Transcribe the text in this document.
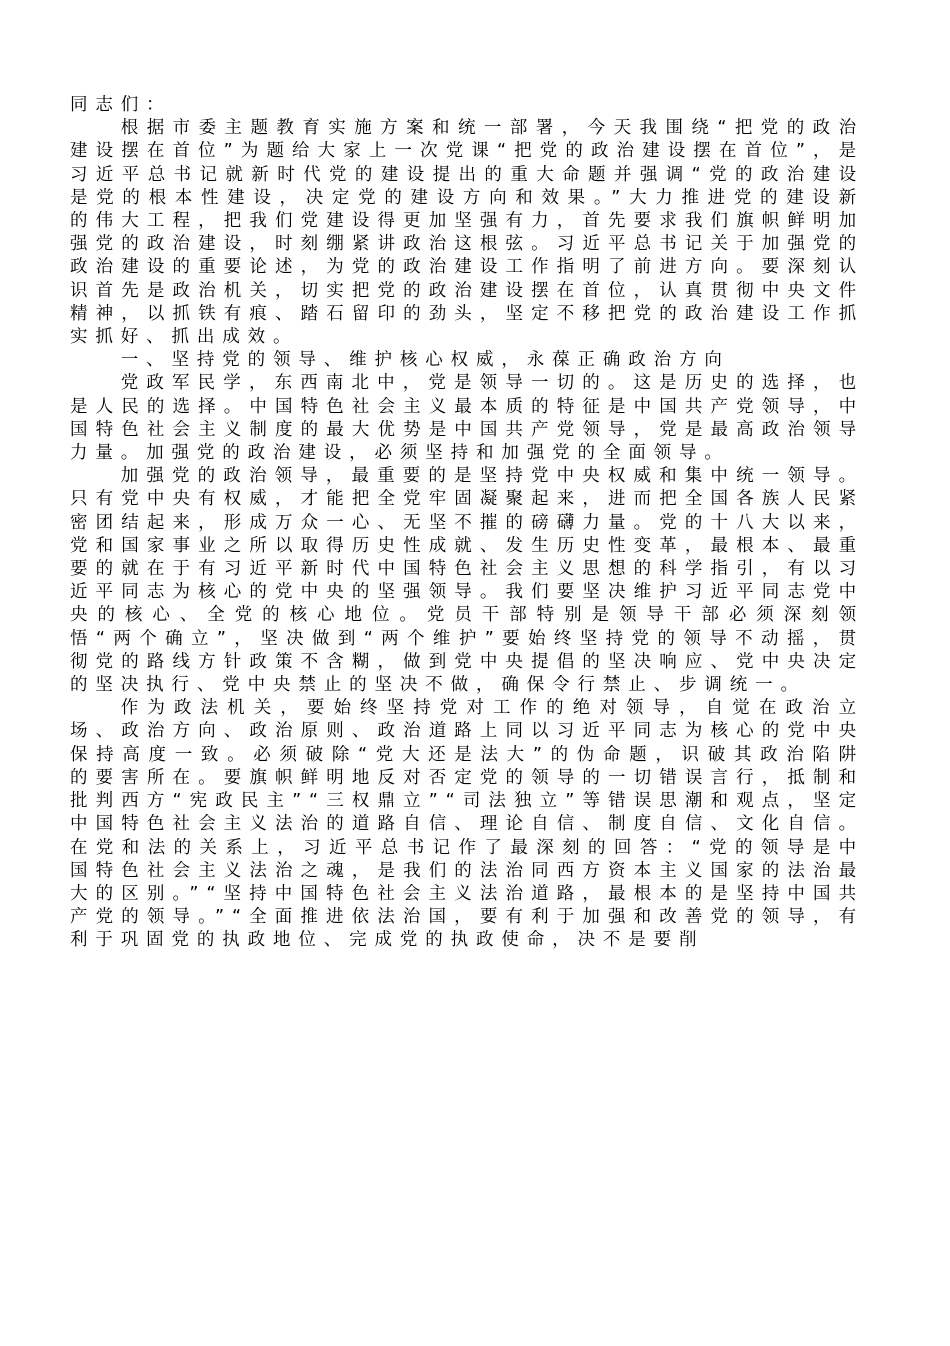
同志们：

根据市委主题教育实施方案和统一部署，今天我围绕“把党的政治建设摆在首位”为题给大家上一次党课“把党的政治建设摆在首位”，是习近平总书记就新时代党的建设提出的重大命题并强调“党的政治建设是党的根本性建设，决定党的建设方向和效果。”大力推进党的建设新的伟大工程，把我们党建设得更加坚强有力，首先要求我们旗帜鲜明加强党的政治建设，时刻绷紧讲政治这根弦。习近平总书记关于加强党的政治建设的重要论述，为党的政治建设工作指明了前进方向。要深刻认识首先是政治机关，切实把党的政治建设摆在首位，认真贯彻中央文件精神，以抓铁有痕、踏石留印的劲头，坚定不移把党的政治建设工作抓实抓好、抓出成效。

一、坚持党的领导、维护核心权威，永葆正确政治方向

党政军民学，东西南北中，党是领导一切的。这是历史的选择，也是人民的选择。中国特色社会主义最本质的特征是中国共产党领导，中国特色社会主义制度的最大优势是中国共产党领导，党是最高政治领导力量。加强党的政治建设，必须坚持和加强党的全面领导。

加强党的政治领导，最重要的是坚持党中央权威和集中统一领导。只有党中央有权威，才能把全党牢固凝聚起来，进而把全国各族人民紧密团结起来，形成万众一心、无坚不摧的磅礴力量。党的十八大以来，党和国家事业之所以取得历史性成就、发生历史性变革，最根本、最重要的就在于有习近平新时代中国特色社会主义思想的科学指引，有以习近平同志为核心的党中央的坚强领导。我们要坚决维护习近平同志党中央的核心、全党的核心地位。党员干部特别是领导干部必须深刻领悟“两个确立”，坚决做到“两个维护”要始终坚持党的领导不动摇，贯彻党的路线方针政策不含糊，做到党中央提倡的坚决响应、党中央决定的坚决执行、党中央禁止的坚决不做，确保令行禁止、步调统一。

作为政法机关，要始终坚持党对工作的绝对领导，自觉在政治立场、政治方向、政治原则、政治道路上同以习近平同志为核心的党中央保持高度一致。必须破除“党大还是法大”的伪命题，识破其政治陷阱的要害所在。要旗帜鲜明地反对否定党的领导的一切错误言行，抵制和批判西方“宪政民主”“三权鼎立”“司法独立”等错误思潮和观点，坚定中国特色社会主义法治的道路自信、理论自信、制度自信、文化自信。在党和法的关系上，习近平总书记作了最深刻的回答：“党的领导是中国特色社会主义法治之魂，是我们的法治同西方资本主义国家的法治最大的区别。”“坚持中国特色社会主义法治道路，最根本的是坚持中国共产党的领导。”“全面推进依法治国，要有利于加强和改善党的领导，有利于巩固党的执政地位、完成党的执政使命，决不是要削
